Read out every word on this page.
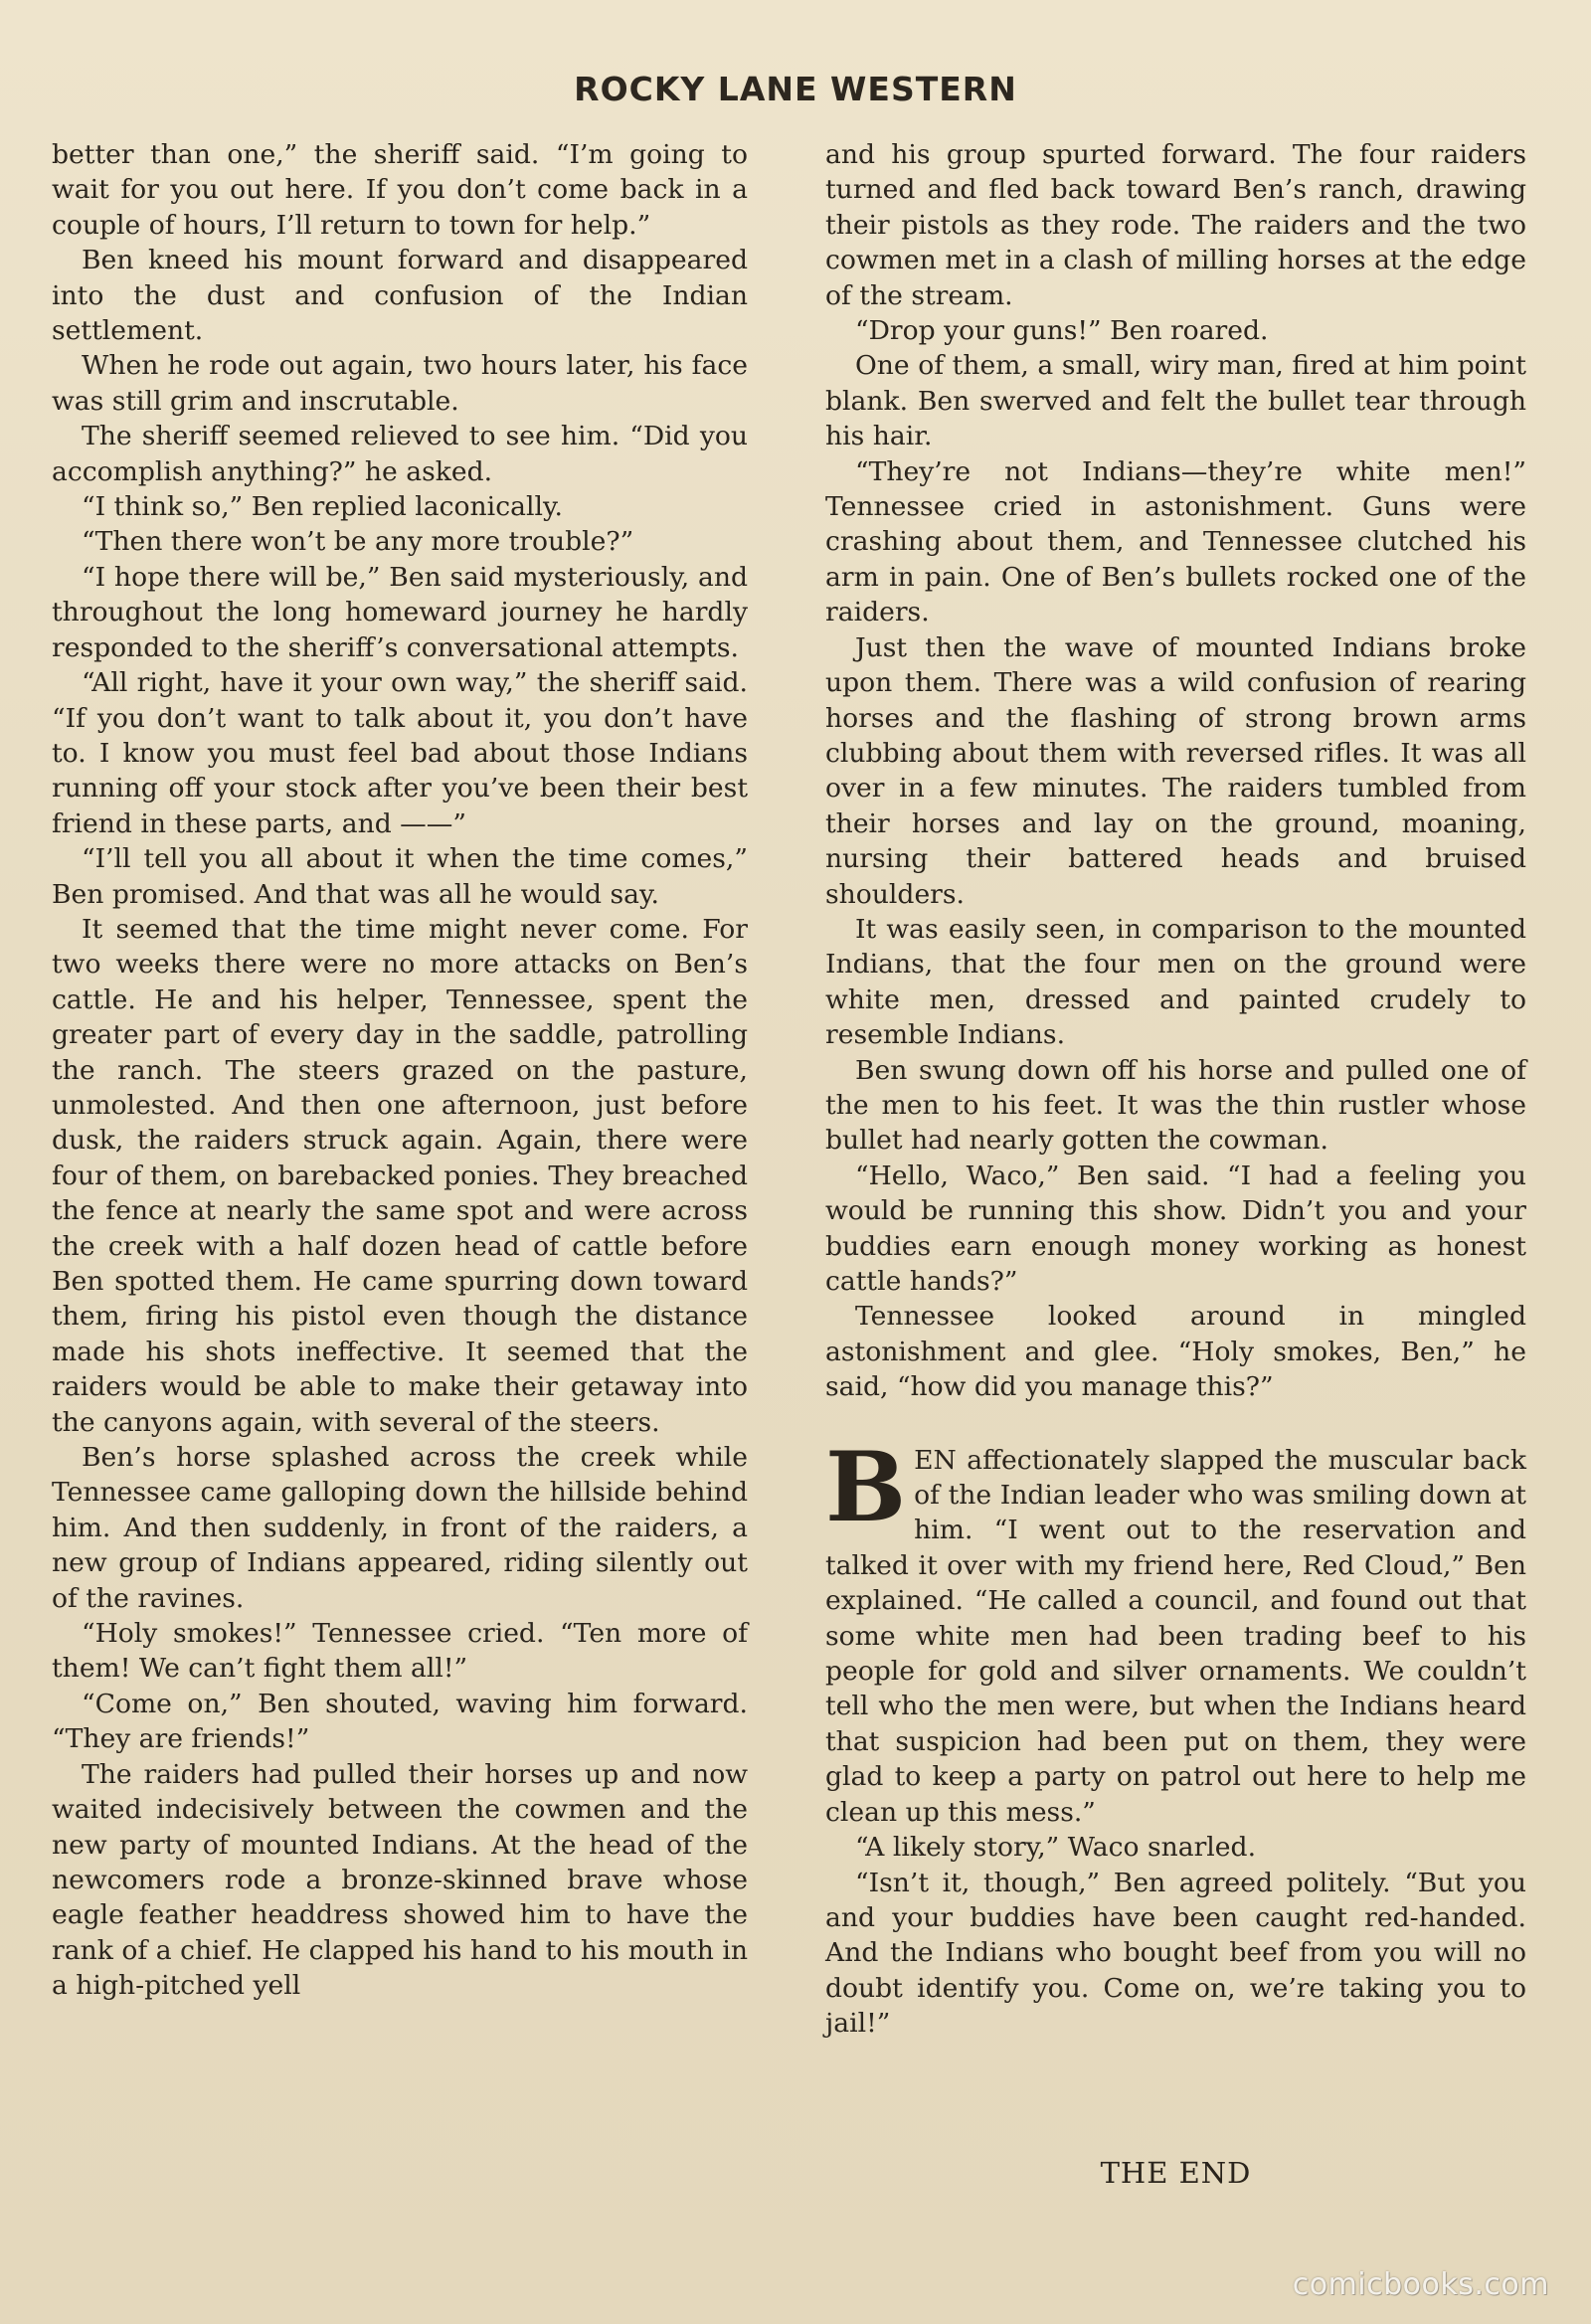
ROCKY LANE WESTERN

better than one,” the sheriff said. “I’m going to wait for you out here. If you don’t come back in a couple of hours, I’ll return to town for help.”

Ben kneed his mount forward and disappeared into the dust and confusion of the Indian settlement.

When he rode out again, two hours later, his face was still grim and inscrutable.

The sheriff seemed relieved to see him. “Did you accomplish anything?” he asked.

“I think so,” Ben replied laconically.

“Then there won’t be any more trouble?”

“I hope there will be,” Ben said mysteriously, and throughout the long homeward journey he hardly responded to the sheriff’s conversational attempts.

“All right, have it your own way,” the sheriff said. “If you don’t want to talk about it, you don’t have to. I know you must feel bad about those Indians running off your stock after you’ve been their best friend in these parts, and ——”

“I’ll tell you all about it when the time comes,” Ben promised. And that was all he would say.

It seemed that the time might never come. For two weeks there were no more attacks on Ben’s cattle. He and his helper, Tennessee, spent the greater part of every day in the saddle, patrolling the ranch. The steers grazed on the pasture, unmolested. And then one afternoon, just before dusk, the raiders struck again. Again, there were four of them, on barebacked ponies. They breached the fence at nearly the same spot and were across the creek with a half dozen head of cattle before Ben spotted them. He came spurring down toward them, firing his pistol even though the distance made his shots ineffective. It seemed that the raiders would be able to make their getaway into the canyons again, with several of the steers.

Ben’s horse splashed across the creek while Tennessee came galloping down the hillside behind him. And then suddenly, in front of the raiders, a new group of Indians appeared, riding silently out of the ravines.

“Holy smokes!” Tennessee cried. “Ten more of them! We can’t fight them all!”

“Come on,” Ben shouted, waving him forward. “They are friends!”

The raiders had pulled their horses up and now waited indecisively between the cowmen and the new party of mounted Indians. At the head of the newcomers rode a bronze-skinned brave whose eagle feather headdress showed him to have the rank of a chief. He clapped his hand to his mouth in a high-pitched yell

and his group spurted forward. The four raiders turned and fled back toward Ben’s ranch, drawing their pistols as they rode. The raiders and the two cowmen met in a clash of milling horses at the edge of the stream.

“Drop your guns!” Ben roared.

One of them, a small, wiry man, fired at him point blank. Ben swerved and felt the bullet tear through his hair.

“They’re not Indians—they’re white men!” Tennessee cried in astonishment. Guns were crashing about them, and Tennessee clutched his arm in pain. One of Ben’s bullets rocked one of the raiders.

Just then the wave of mounted Indians broke upon them. There was a wild confusion of rearing horses and the flashing of strong brown arms clubbing about them with reversed rifles. It was all over in a few minutes. The raiders tumbled from their horses and lay on the ground, moaning, nursing their battered heads and bruised shoulders.

It was easily seen, in comparison to the mounted Indians, that the four men on the ground were white men, dressed and painted crudely to resemble Indians.

Ben swung down off his horse and pulled one of the men to his feet. It was the thin rustler whose bullet had nearly gotten the cowman.

“Hello, Waco,” Ben said. “I had a feeling you would be running this show. Didn’t you and your buddies earn enough money working as honest cattle hands?”

Tennessee looked around in mingled astonishment and glee. “Holy smokes, Ben,” he said, “how did you manage this?”

BEN affectionately slapped the muscular back of the Indian leader who was smiling down at him. “I went out to the reservation and talked it over with my friend here, Red Cloud,” Ben explained. “He called a council, and found out that some white men had been trading beef to his people for gold and silver ornaments. We couldn’t tell who the men were, but when the Indians heard that suspicion had been put on them, they were glad to keep a party on patrol out here to help me clean up this mess.”

“A likely story,” Waco snarled.

“Isn’t it, though,” Ben agreed politely. “But you and your buddies have been caught red-handed. And the Indians who bought beef from you will no doubt identify you. Come on, we’re taking you to jail!”

THE END
comicbooks.com
